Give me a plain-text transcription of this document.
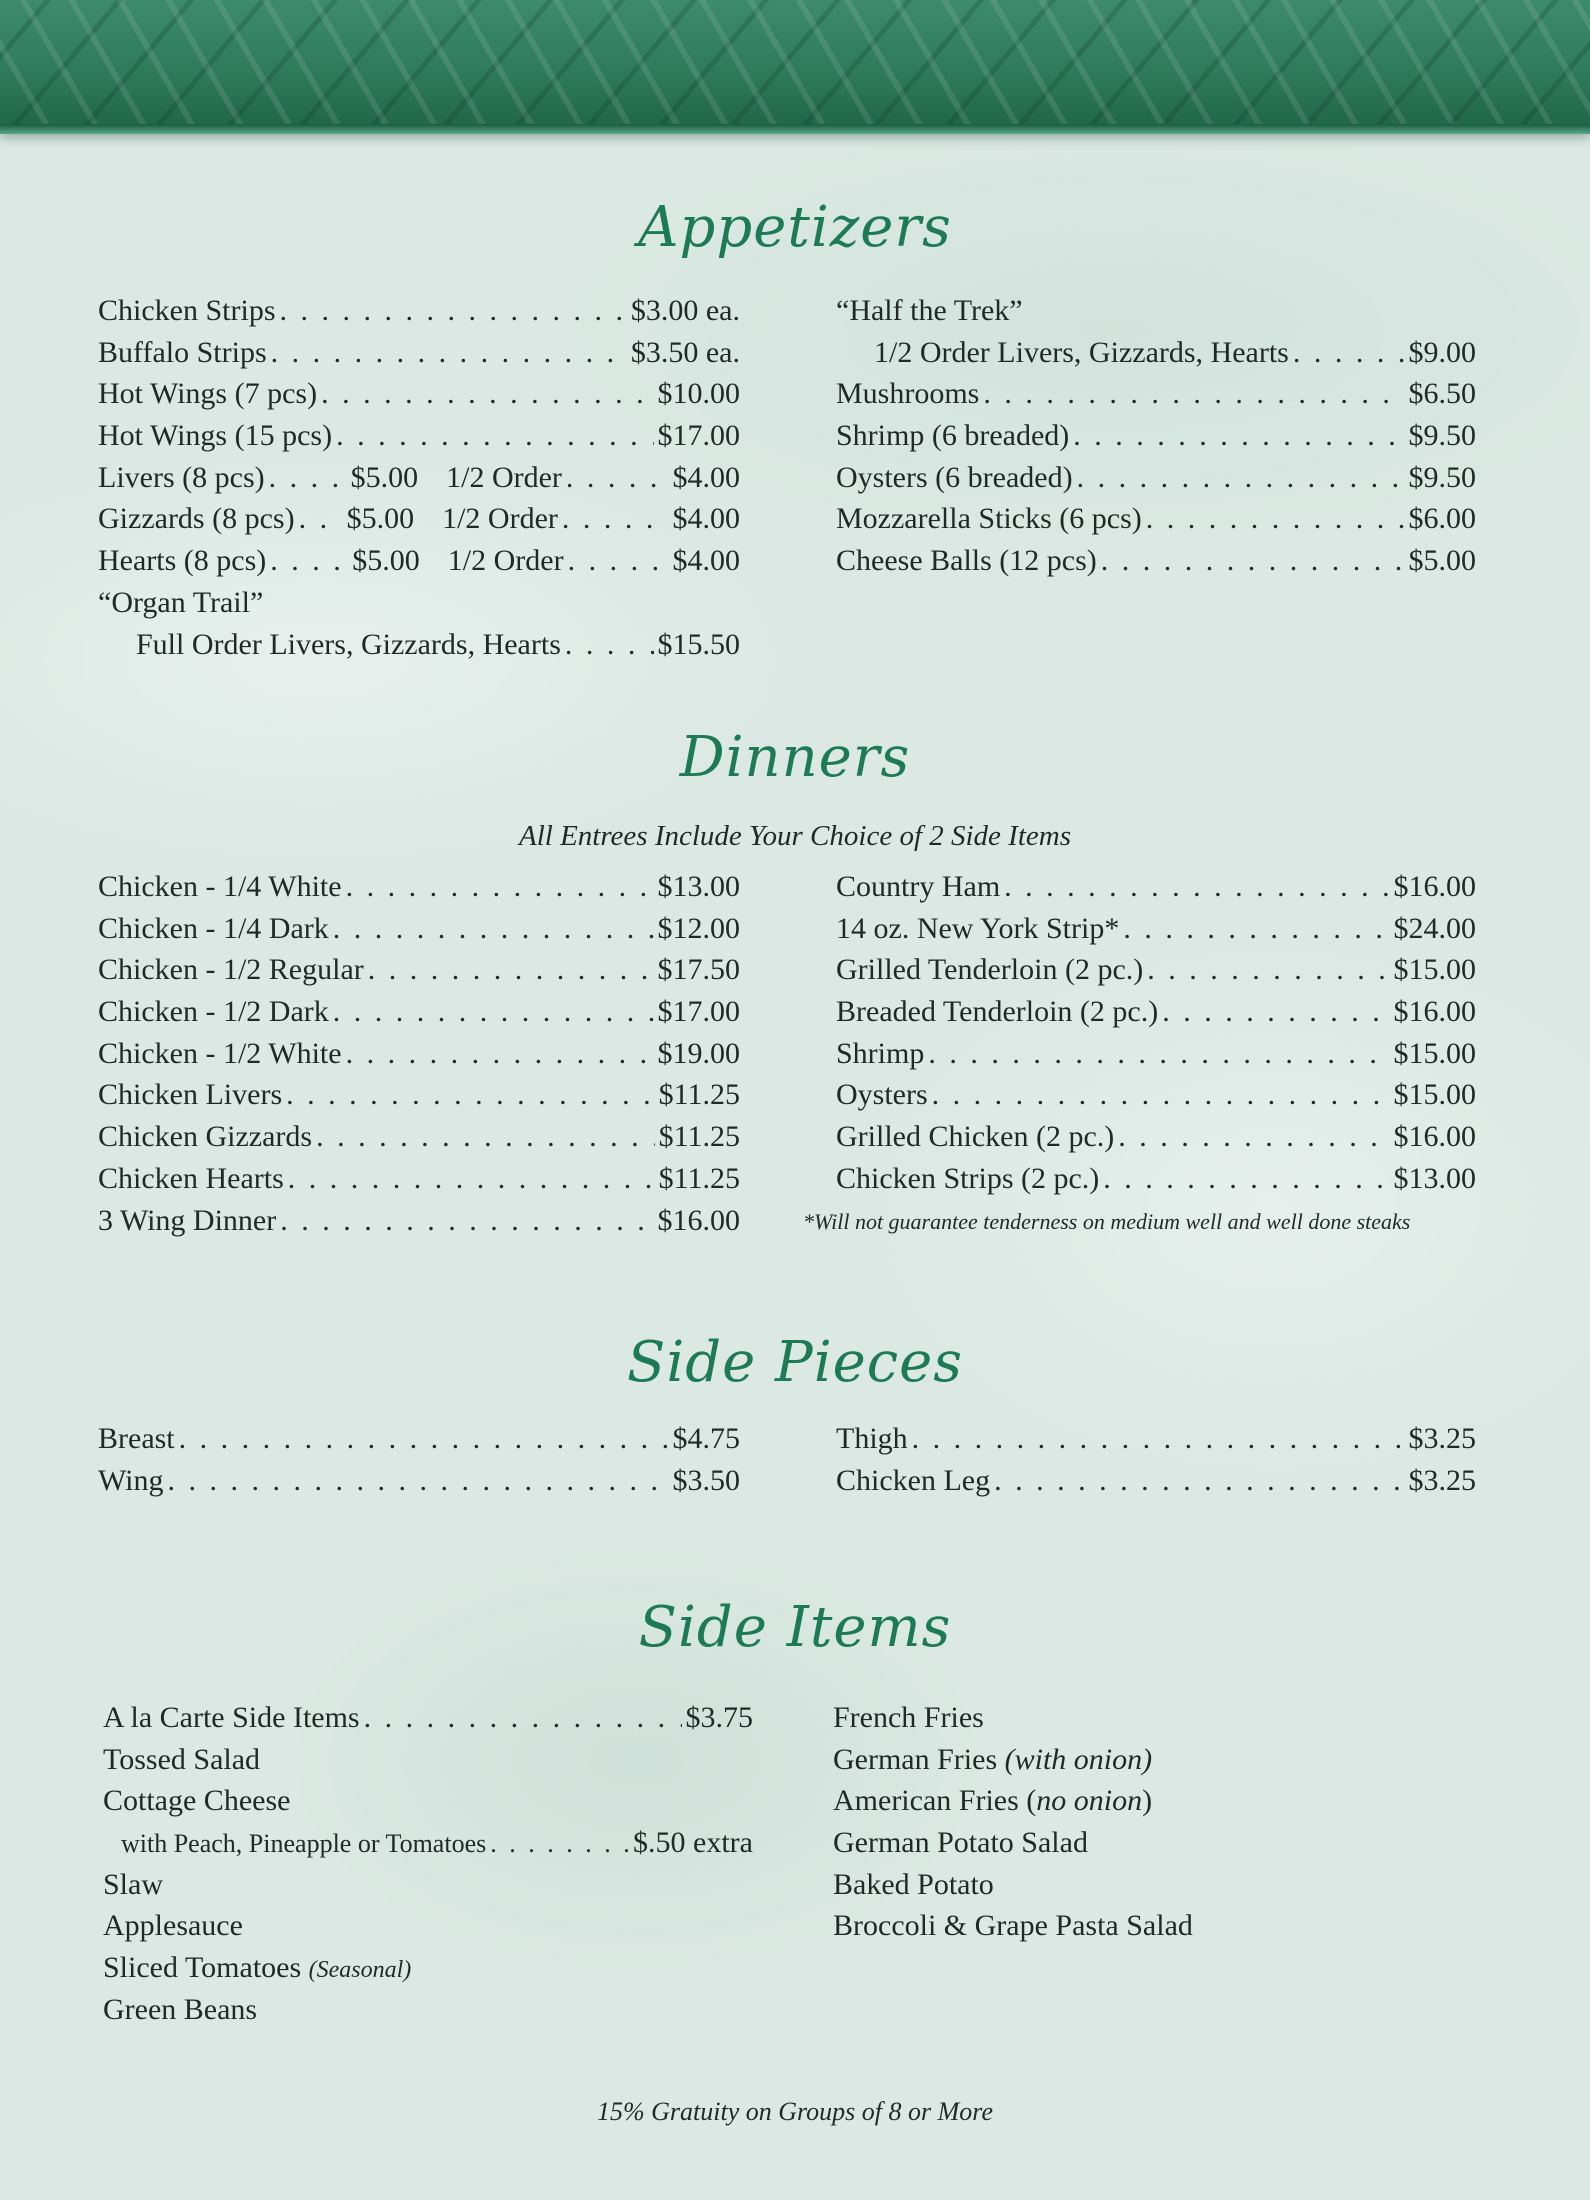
Appetizers
Chicken Strips . . .	$3.00 ea.
Buffalo Strips . . .	$3.50 ea.
Hot Wings (7 pcs) . . .	$10.00
Hot Wings (15 pcs) . . .	$17.00
Livers (8 pcs) . . .	$5.00 1/2 Order . . .	$4.00
Gizzards (8 pcs) . . . $5.00 1/2 Order . . .	$4.00
Hearts (8 pcs) . . .	$5.00 1/2 Order . . .	$4.00
“Organ Trail”
Full Order Livers, Gizzards, Hearts . . .	$15.50
“Half the Trek”
1/2 Order Livers, Gizzards, Hearts . . .	$9.00
Mushrooms . . .	$6.50
Shrimp (6 breaded) . . .	$9.50
Oysters (6 breaded) . . .	$9.50
Mozzarella Sticks (6 pcs) . . .	$6.00
Cheese Balls (12 pcs) . . .	$5.00
Dinners
All Entrees Include Your Choice of 2 Side Items
Chicken - 1/4 White . . .	$13.00
Chicken - 1/4 Dark . . .	$12.00
Chicken - 1/2 Regular . . .	$17.50
Chicken - 1/2 Dark . . .	$17.00
Chicken - 1/2 White . . .	$19.00
Chicken Livers . . .	$11.25
Chicken Gizzards . . .	$11.25
Chicken Hearts . . .	$11.25
3 Wing Dinner . . .	$16.00
Country Ham . . .	$16.00
14 oz. New York Strip* . . .	$24.00
Grilled Tenderloin (2 pc.) . . .	$15.00
Breaded Tenderloin (2 pc.) . . .	$16.00
Shrimp . . .	$15.00
Oysters . . .	$15.00
Grilled Chicken (2 pc.) . . .	$16.00
Chicken Strips (2 pc.) . . .	$13.00
*Will not guarantee tenderness on medium well and well done steaks
Side Pieces
Breast . . .	$4.75
Wing . . .	$3.50
Thigh . . .	$3.25
Chicken Leg . . .	$3.25
Side Items
A la Carte Side Items . . .	$3.75
Tossed Salad
Cottage Cheese
with Peach, Pineapple or Tomatoes . . .	$.50 extra
Slaw
Applesauce
Sliced Tomatoes (Seasonal)
Green Beans
French Fries
German Fries (with onion)
American Fries (no onion)
German Potato Salad
Baked Potato
Broccoli & Grape Pasta Salad
15% Gratuity on Groups of 8 or More
